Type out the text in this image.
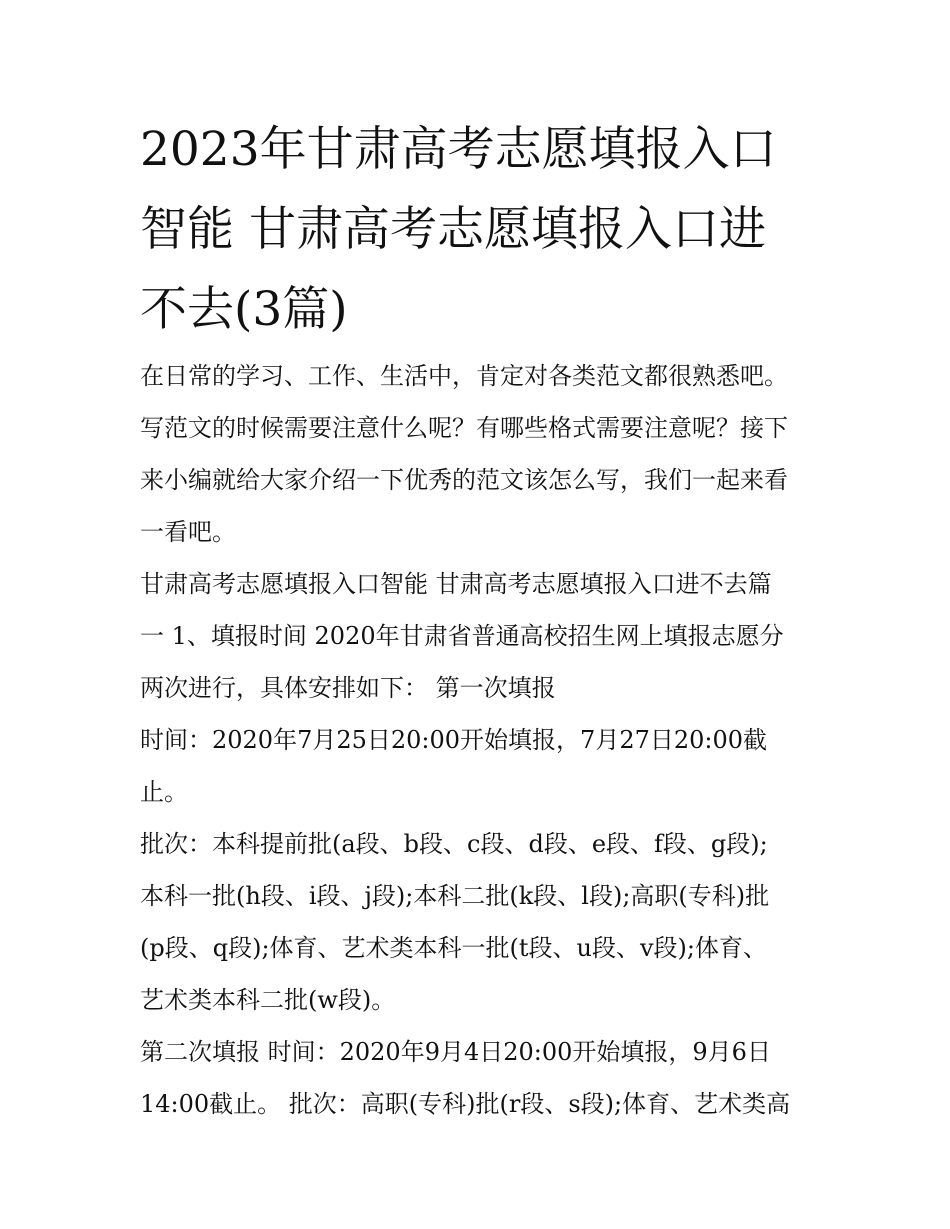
2023年甘肃高考志愿填报入口
智能 甘肃高考志愿填报入口进
不去(3篇)

在日常的学习、工作、生活中，肯定对各类范文都很熟悉吧。

写范文的时候需要注意什么呢？有哪些格式需要注意呢？接下

来小编就给大家介绍一下优秀的范文该怎么写，我们一起来看

一看吧。

甘肃高考志愿填报入口智能 甘肃高考志愿填报入口进不去篇

一 1、填报时间 2020年甘肃省普通高校招生网上填报志愿分

两次进行，具体安排如下： 第一次填报

时间：2020年7月25日20:00开始填报，7月27日20:00截

止。

批次：本科提前批(a段、b段、c段、d段、e段、f段、g段);

本科一批(h段、i段、j段);本科二批(k段、l段);高职(专科)批

(p段、q段);体育、艺术类本科一批(t段、u段、v段);体育、

艺术类本科二批(w段)。

第二次填报 时间：2020年9月4日20:00开始填报，9月6日

14:00截止。 批次：高职(专科)批(r段、s段);体育、艺术类高
